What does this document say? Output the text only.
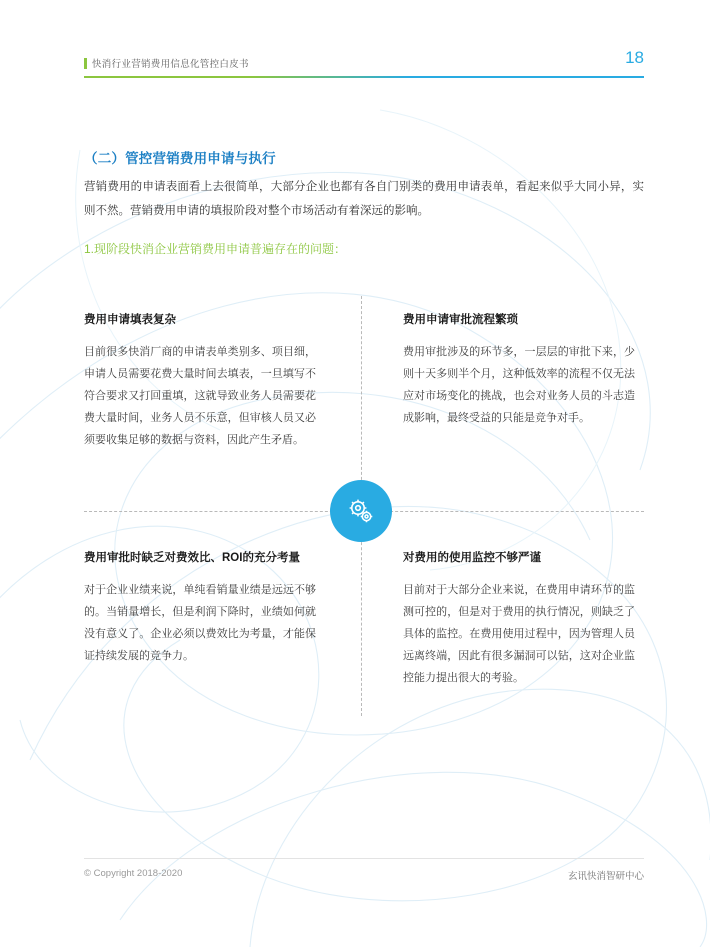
快消行业营销费用信息化管控白皮书	18
（二）管控营销费用申请与执行
营销费用的申请表面看上去很简单，大部分企业也都有各自门别类的费用申请表单，看起来似乎大同小异，实则不然。营销费用申请的填报阶段对整个市场活动有着深远的影响。
1.现阶段快消企业营销费用申请普遍存在的问题：
费用申请填表复杂
目前很多快消厂商的申请表单类别多、项目细，申请人员需要花费大量时间去填表，一旦填写不符合要求又打回重填，这就导致业务人员需要花费大量时间，业务人员不乐意，但审核人员又必须要收集足够的数据与资料，因此产生矛盾。
费用申请审批流程繁琐
费用审批涉及的环节多，一层层的审批下来，少则十天多则半个月，这种低效率的流程不仅无法应对市场变化的挑战，也会对业务人员的斗志造成影响，最终受益的只能是竞争对手。
费用审批时缺乏对费效比、ROI的充分考量
对于企业业绩来说，单纯看销量业绩是远远不够的。当销量增长，但是利润下降时，业绩如何就没有意义了。企业必须以费效比为考量，才能保证持续发展的竞争力。
对费用的使用监控不够严谨
目前对于大部分企业来说，在费用申请环节的监测可控的，但是对于费用的执行情况，则缺乏了具体的监控。在费用使用过程中，因为管理人员远离终端，因此有很多漏洞可以钻，这对企业监控能力提出很大的考验。
© Copyright 2018-2020	玄讯快消智研中心
